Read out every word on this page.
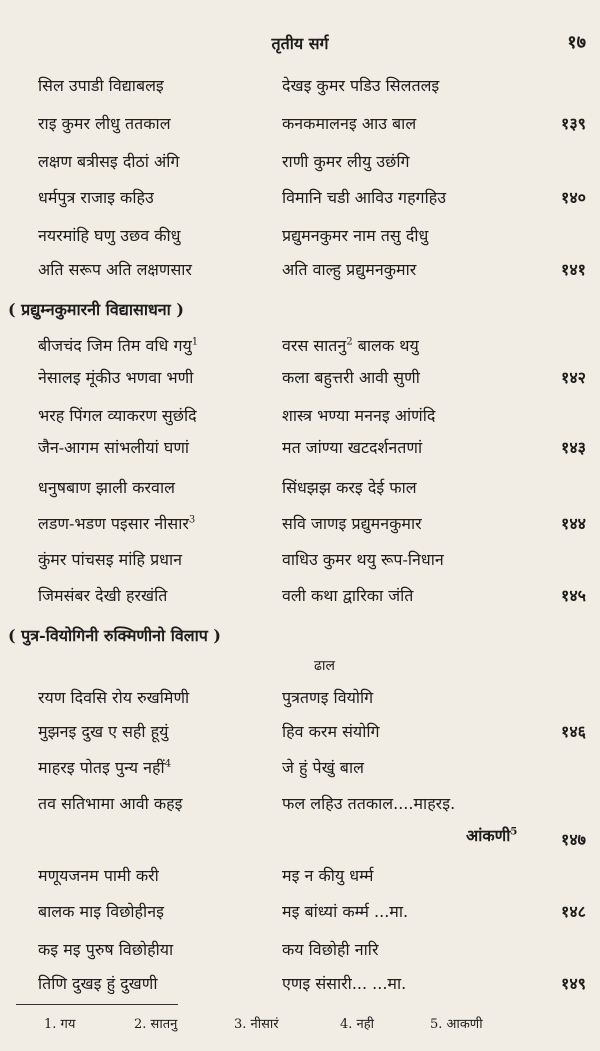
तृतीय सर्ग	१७
सिल उपाडी विद्याबलइ	देखइ कुमर पडिउ सिलतलइ
राइ कुमर लीधु ततकाल	कनकमालनइ आउ बाल	१३९
लक्षण बत्रीसइ दीठां अंगि	राणी कुमर लीयु उछंगि
धर्मपुत्र राजाइ कहिउ	विमानि चडी आविउ गहगहिउ	१४०
नयरमांहि घणु उछव कीधु	प्रद्युमनकुमर नाम तसु दीधु
अति सरूप अति लक्षणसार	अति वाल्हु प्रद्युमनकुमार	१४१
( प्रद्युम्नकुमारनी विद्यासाधना )
बीजचंद जिम तिम वधि गयु$^1$	वरस सातनु$^2$ बालक थयु
नेसालइ मूंकीउ भणवा भणी	कला बहुत्तरी आवी सुणी	१४२
भरह पिंगल व्याकरण सुछंदि	शास्त्र भण्या मननइ आंणंदि
जैन-आगम सांभलीयां घणां	मत जांण्या खटदर्शनतणां	१४३
धनुषबाण झाली करवाल	सिंधझझ करइ देई फाल
लडण-भडण पइसार नीसार$^3$	सवि जाणइ प्रद्युमनकुमार	१४४
कुंमर पांचसइ मांहि प्रधान	वाधिउ कुमर थयु रूप-निधान
जिमसंबर देखी हरखंति	वली कथा द्वारिका जंति	१४५
( पुत्र-वियोगिनी रुक्मिणीनो विलाप )
ढाल
रयण दिवसि रोय रुखमिणी	पुत्रतणइ वियोगि
मुझनइ दुख ए सही हूयुं	हिव करम संयोगि	१४६
माहरइ पोतइ पुन्य नहीं$^4$	जे हुं पेखुं बाल
तव सतिभामा आवी कहइ	फल लहिउ ततकाल....माहरइ.
आंकणी$^5$	१४७
मणूयजनम पामी करी	मइ न कीयु धर्म्म
बालक माइ विछोहीनइ	मइ बांध्यां कर्म्म ...मा.	१४८
कइ मइ पुरुष विछोहीया	कय विछोही नारि
तिणि दुखइ हुं दुखणी	एणइ संसारी... ...मा.	१४९
1. गय	2. सातनु	3. नीसारं	4. नही	5. आकणी
